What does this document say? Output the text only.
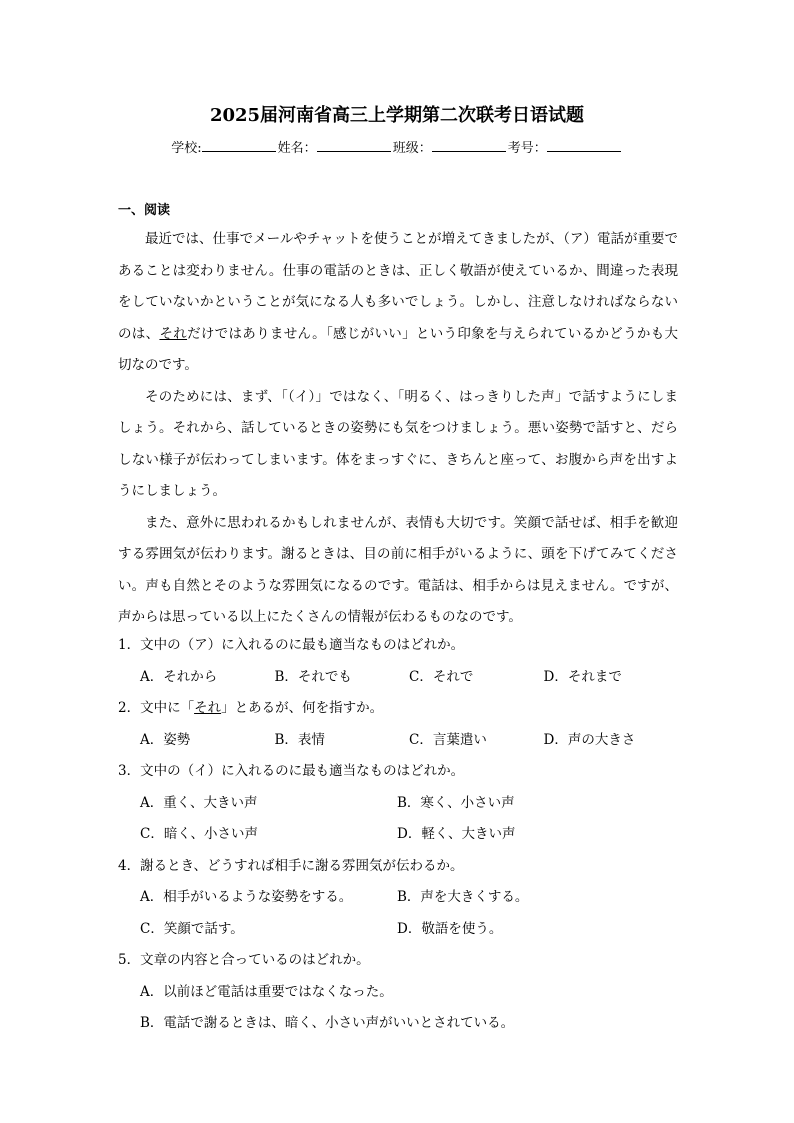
2025届河南省高三上学期第二次联考日语试题
学校:	姓名：	班级：	考号：
一、阅读

最近では、仕事でメールやチャットを使うことが増えてきましたが、（ア）電話が重要であることは変わりません。仕事の電話のときは、正しく敬語が使えているか、間違った表現をしていないかということが気になる人も多いでしょう。しかし、注意しなければならないのは、それだけではありません。「感じがいい」という印象を与えられているかどうかも大切なのです。

そのためには、まず、「（イ）」ではなく、「明るく、はっきりした声」で話すようにしましょう。それから、話しているときの姿勢にも気をつけましょう。悪い姿勢で話すと、だらしない様子が伝わってしまいます。体をまっすぐに、きちんと座って、お腹から声を出すようにしましょう。

また、意外に思われるかもしれませんが、表情も大切です。笑顔で話せば、相手を歓迎する雰囲気が伝わります。謝るときは、目の前に相手がいるように、頭を下げてみてください。声も自然とそのような雰囲気になるのです。電話は、相手からは見えません。ですが、声からは思っている以上にたくさんの情報が伝わるものなのです。

1．文中の（ア）に入れるのに最も適当なものはどれか。
A．それから	B．それでも	C．それで	D．それまで
2．文中に「それ」とあるが、何を指すか。
A．姿勢	B．表情	C．言葉遣い	D．声の大きさ
3．文中の（イ）に入れるのに最も適当なものはどれか。
A．重く、大きい声	B．寒く、小さい声
C．暗く、小さい声	D．軽く、大きい声
4．謝るとき、どうすれば相手に謝る雰囲気が伝わるか。
A．相手がいるような姿勢をする。	B．声を大きくする。
C．笑顔で話す。	D．敬語を使う。
5．文章の内容と合っているのはどれか。
A．以前ほど電話は重要ではなくなった。
B．電話で謝るときは、暗く、小さい声がいいとされている。
